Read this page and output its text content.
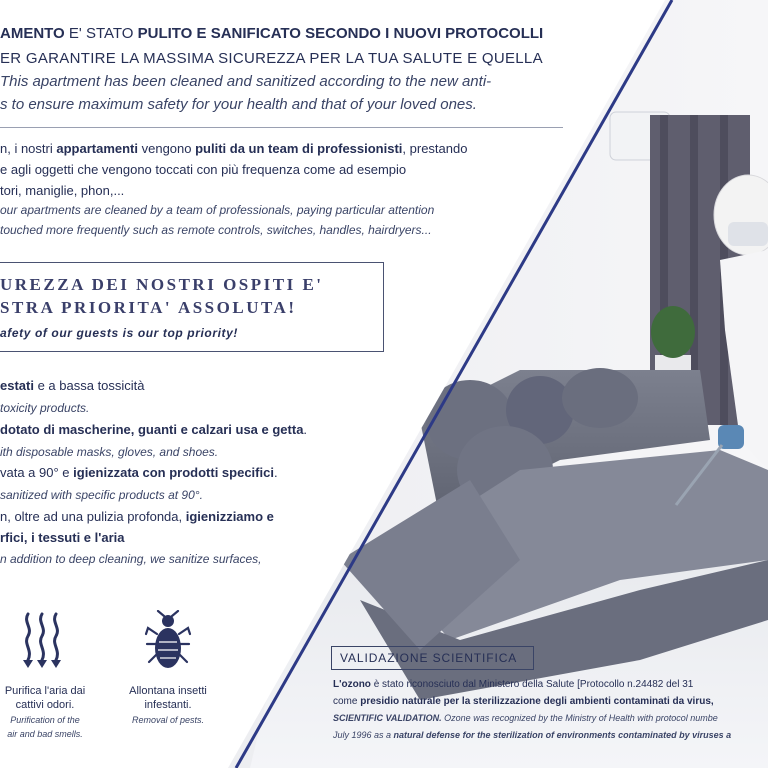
AMENTO E' STATO PULITO E SANIFICATO SECONDO I NUOVI PROTOCOLLI
ER GARANTIRE LA MASSIMA SICUREZZA PER LA TUA SALUTE E QUELLA
This apartment has been cleaned and sanitized according to the new anti-
s to ensure maximum safety for your health and that of your loved ones.
n, i nostri appartamenti vengono puliti da un team di professionisti, prestando
e agli oggetti che vengono toccati con più frequenza come ad esempio
tori, maniglie, phon,...
our apartments are cleaned by a team of professionals, paying particular attention
touched more frequently such as remote controls, switches, handles, hairdryers...
UREZZA DEI NOSTRI OSPITI E'
STRA PRIORITA' ASSOLUTA!
afety of our guests is our top priority!
estati e a bassa tossicità
toxicity products.
dotato di mascherine, guanti e calzari usa e getta.
ith disposable masks, gloves, and shoes.
vata a 90° e igienizzata con prodotti specifici.
sanitized with specific products at 90°.
n, oltre ad una pulizia profonda, igienizziamo e
rfici, i tessuti e l'aria
n addition to deep cleaning, we sanitize surfaces,
Purifica l'aria dai
cattivi odori.
Purification of the
air and bad smells.
Allontana insetti
infestanti.
Removal of pests.
VALIDAZIONE SCIENTIFICA
L'ozono è stato riconosciuto dal Ministero della Salute [Protocollo n.24482 del 31
come presidio naturale per la sterilizzazione degli ambienti contaminati da virus,
SCIENTIFIC VALIDATION. Ozone was recognized by the Ministry of Health with protocol numbe
July 1996 as a natural defense for the sterilization of environments contaminated by viruses a
